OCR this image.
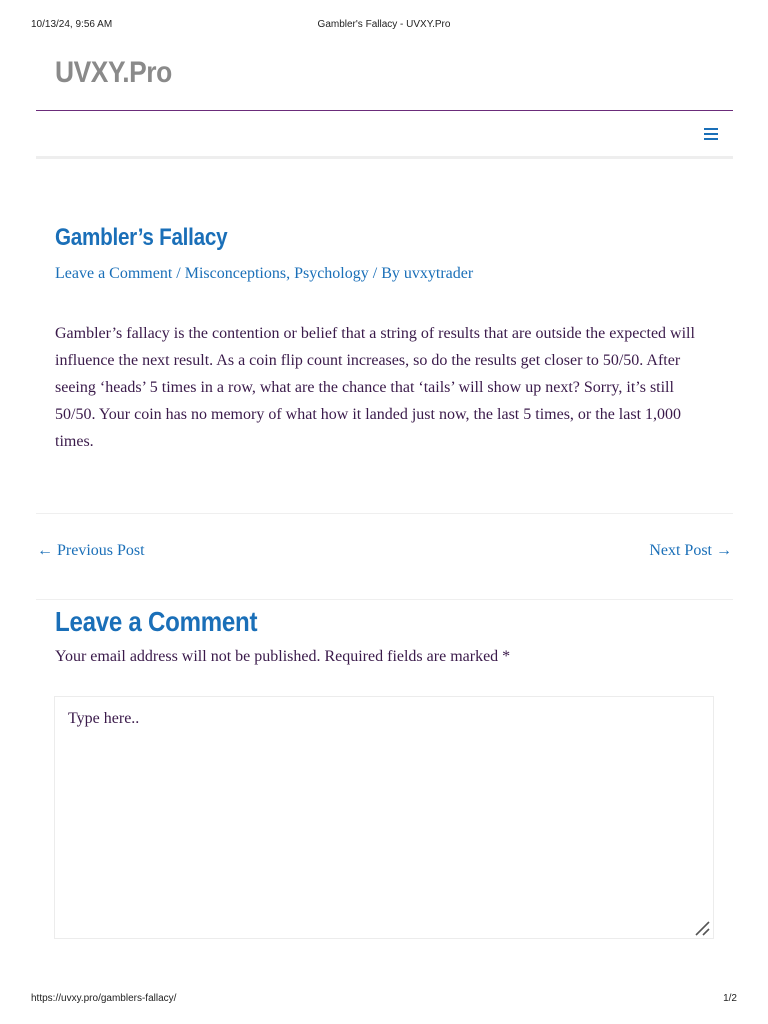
10/13/24, 9:56 AM	Gambler's Fallacy - UVXY.Pro
UVXY.Pro
Gambler’s Fallacy
Leave a Comment / Misconceptions, Psychology / By uvxytrader

Gambler’s fallacy is the contention or belief that a string of results that are outside the expected will influence the next result. As a coin flip count increases, so do the results get closer to 50/50. After seeing ‘heads’ 5 times in a row, what are the chance that ‘tails’ will show up next? Sorry, it’s still 50/50. Your coin has no memory of what how it landed just now, the last 5 times, or the last 1,000 times.

← Previous Post	Next Post →
Leave a Comment
Your email address will not be published. Required fields are marked *
Type here..
https://uvxy.pro/gamblers-fallacy/	1/2
